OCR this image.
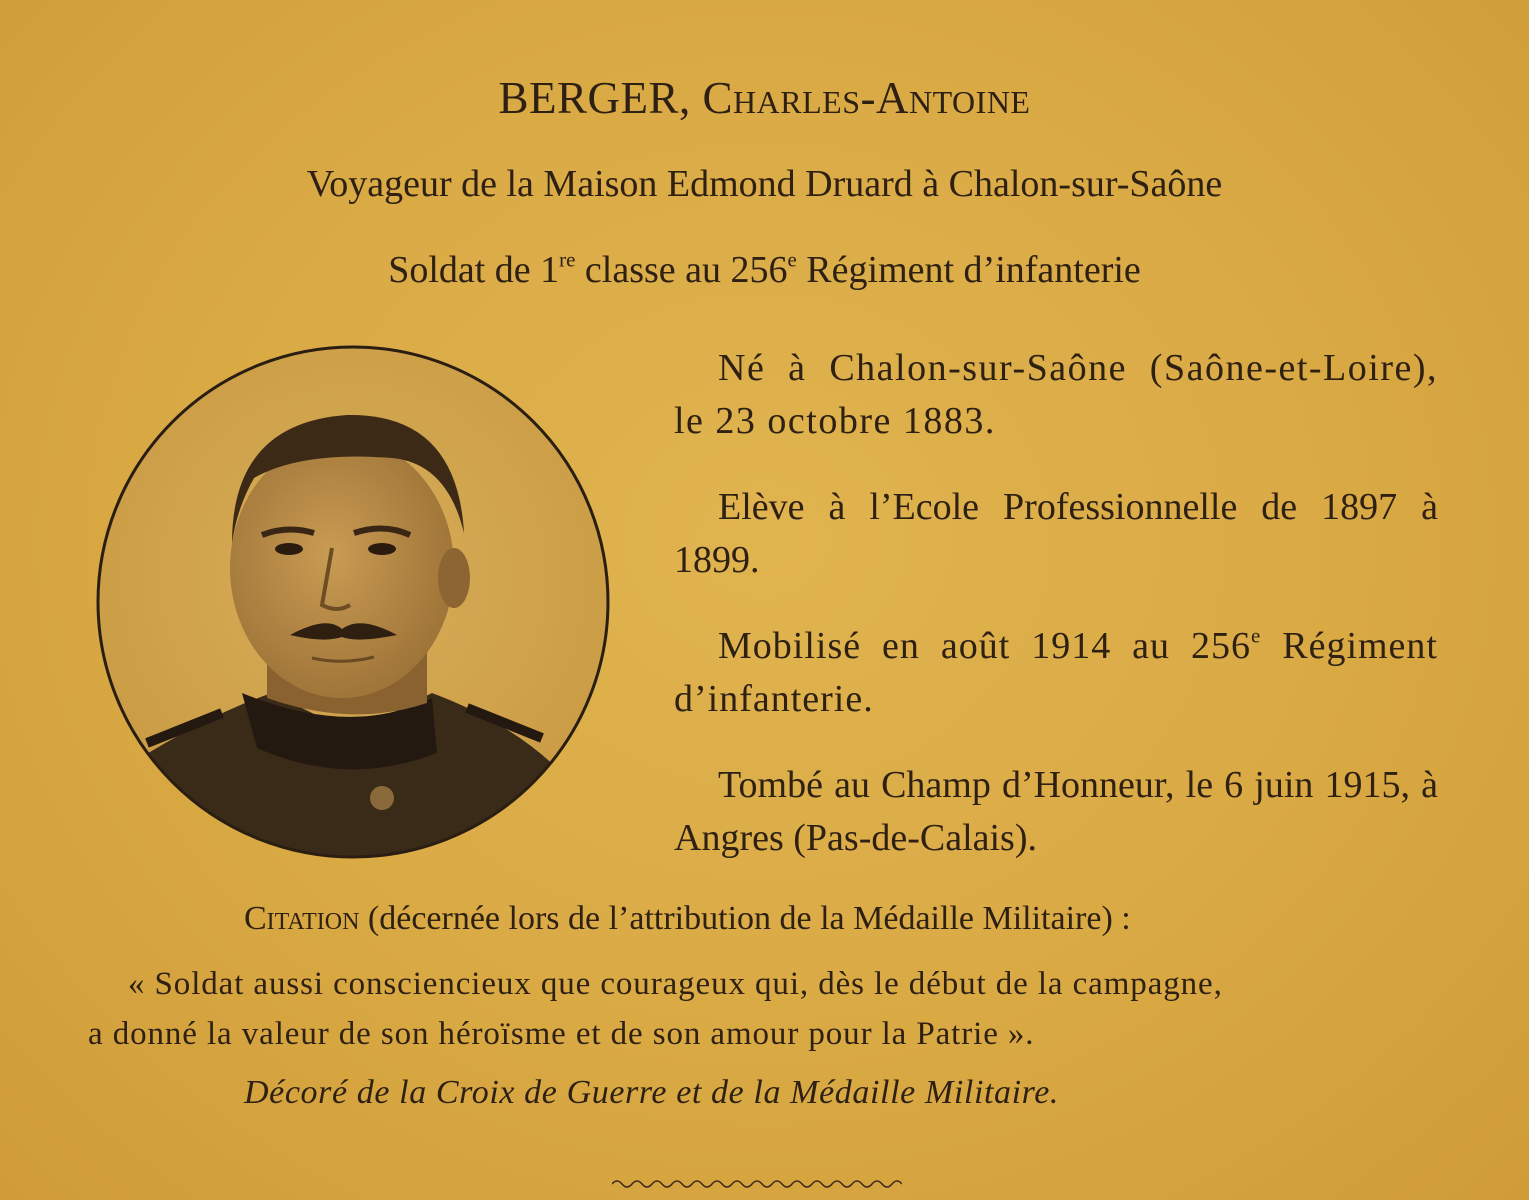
BERGER, Charles-Antoine
Voyageur de la Maison Edmond Druard à Chalon-sur-Saône
Soldat de 1re classe au 256e Régiment d’infanterie
Né à Chalon-sur-Saône (Saône-et-Loire), le 23 octobre 1883.
Elève à l’Ecole Professionnelle de 1897 à 1899.
Mobilisé en août 1914 au 256e Régiment d’infanterie.
Tombé au Champ d’Honneur, le 6 juin 1915, à Angres (Pas-de-Calais).
Citation (décernée lors de l’attribution de la Médaille Militaire) :
« Soldat aussi consciencieux que courageux qui, dès le début de la campagne,
a donné la valeur de son héroïsme et de son amour pour la Patrie ».
Décoré de la Croix de Guerre et de la Médaille Militaire.
